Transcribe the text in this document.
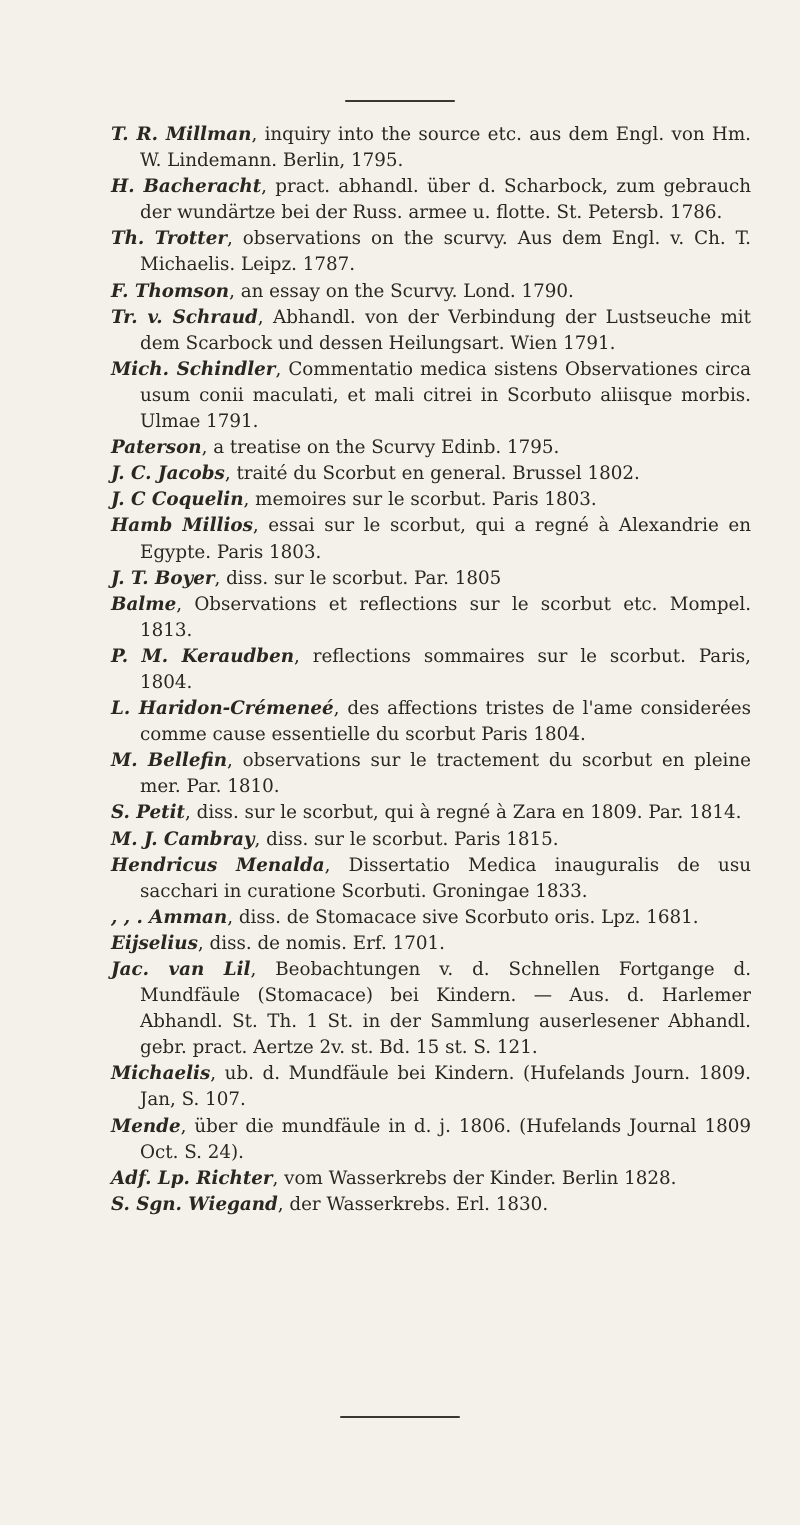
T. R. Millman, inquiry into the source etc. aus dem Engl. von Hm. W. Lindemann. Berlin, 1795.

H. Bacheracht, pract. abhandl. über d. Scharbock, zum gebrauch der wundärtze bei der Russ. armee u. flotte. St. Petersb. 1786.

Th. Trotter, observations on the scurvy. Aus dem Engl. v. Ch. T. Michaelis. Leipz. 1787.

F. Thomson, an essay on the Scurvy. Lond. 1790.

Tr. v. Schraud, Abhandl. von der Verbindung der Lustseuche mit dem Scarbock und dessen Heilungsart. Wien 1791.

Mich. Schindler, Commentatio medica sistens Observationes circa usum conii maculati, et mali citrei in Scorbuto aliisque morbis. Ulmae 1791.

Paterson, a treatise on the Scurvy Edinb. 1795.

J. C. Jacobs, traité du Scorbut en general. Brussel 1802.

J. C Coquelin, memoires sur le scorbut. Paris 1803.

Hamb Millios, essai sur le scorbut, qui a regné à Alexandrie en Egypte. Paris 1803.

J. T. Boyer, diss. sur le scorbut. Par. 1805

Balme, Observations et reflections sur le scorbut etc. Mompel. 1813.

P. M. Keraudben, reflections sommaires sur le scorbut. Paris, 1804.

L. Haridon-Crémeneé, des affections tristes de l'ame considerées comme cause essentielle du scorbut Paris 1804.

M. Bellefin, observations sur le tractement du scorbut en pleine mer. Par. 1810.

S. Petit, diss. sur le scorbut, qui à regné à Zara en 1809. Par. 1814.

M. J. Cambray, diss. sur le scorbut. Paris 1815.

Hendricus Menalda, Dissertatio Medica inauguralis de usu sacchari in curatione Scorbuti. Groningae 1833.

, , . Amman, diss. de Stomacace sive Scorbuto oris. Lpz. 1681.

Eijselius, diss. de nomis. Erf. 1701.

Jac. van Lil, Beobachtungen v. d. Schnellen Fortgange d. Mundfäule (Stomacace) bei Kindern. — Aus. d. Harlemer Abhandl. St. Th. 1 St. in der Sammlung auserlesener Abhandl. gebr. pract. Aertze 2v. st. Bd. 15 st. S. 121.

Michaelis, ub. d. Mundfäule bei Kindern. (Hufelands Journ. 1809. Jan, S. 107.

Mende, über die mundfäule in d. j. 1806. (Hufelands Journal 1809 Oct. S. 24).

Adf. Lp. Richter, vom Wasserkrebs der Kinder. Berlin 1828.

S. Sgn. Wiegand, der Wasserkrebs. Erl. 1830.
